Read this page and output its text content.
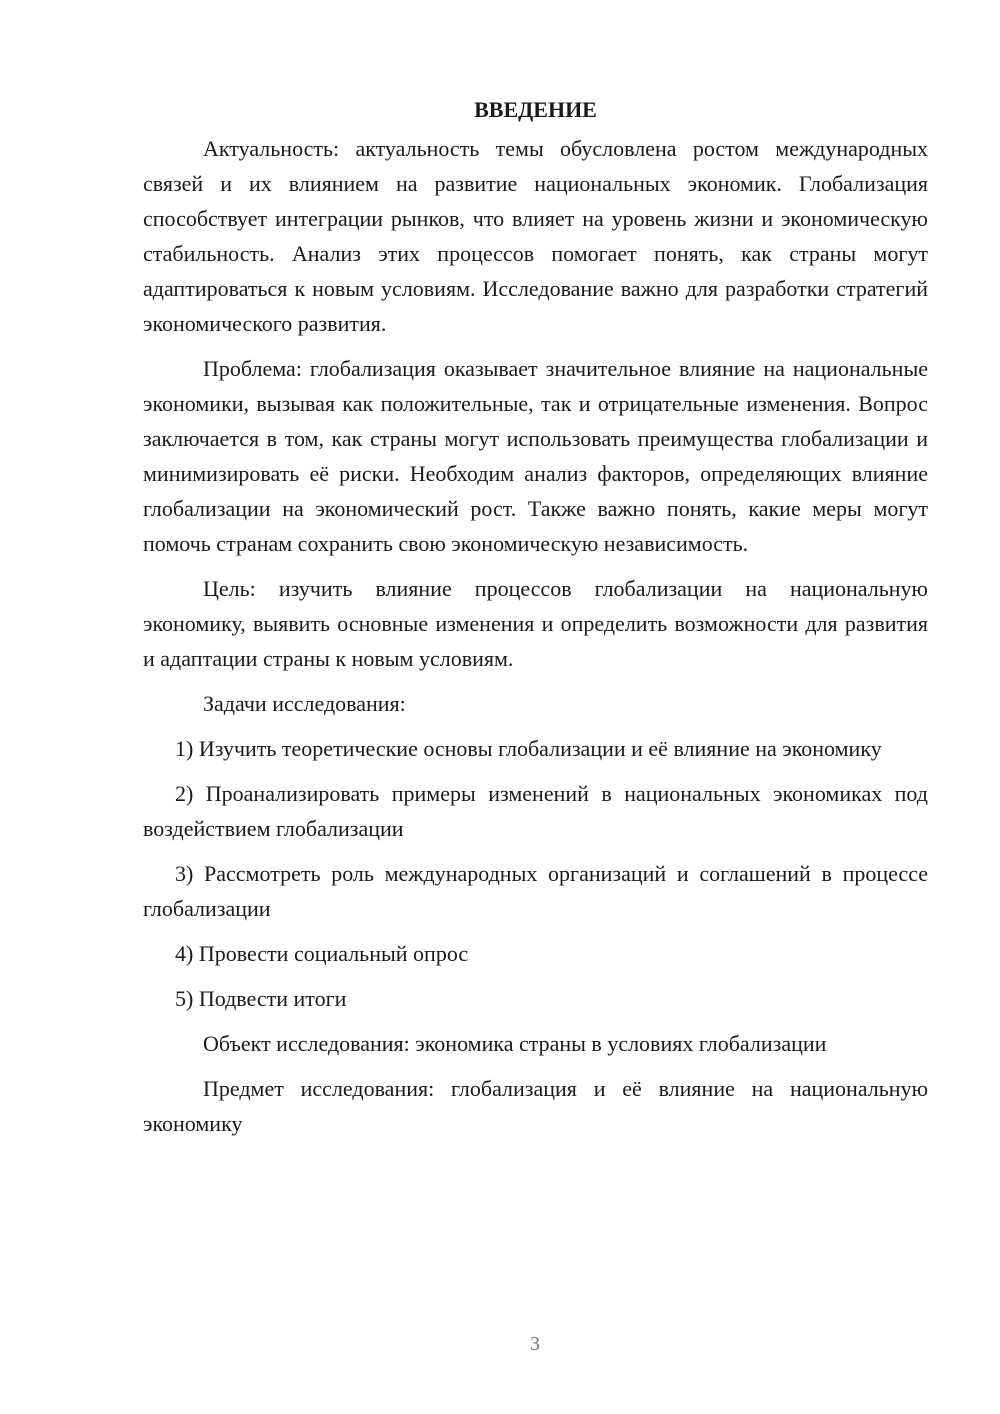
ВВЕДЕНИЕ

Актуальность: актуальность темы обусловлена ростом международных связей и их влиянием на развитие национальных экономик. Глобализация способствует интеграции рынков, что влияет на уровень жизни и экономическую стабильность. Анализ этих процессов помогает понять, как страны могут адаптироваться к новым условиям. Исследование важно для разработки стратегий экономического развития.

Проблема: глобализация оказывает значительное влияние на национальные экономики, вызывая как положительные, так и отрицательные изменения. Вопрос заключается в том, как страны могут использовать преимущества глобализации и минимизировать её риски. Необходим анализ факторов, определяющих влияние глобализации на экономический рост. Также важно понять, какие меры могут помочь странам сохранить свою экономическую независимость.

Цель: изучить влияние процессов глобализации на национальную экономику, выявить основные изменения и определить возможности для развития и адаптации страны к новым условиям.

Задачи исследования:

1) Изучить теоретические основы глобализации и её влияние на экономику

2) Проанализировать примеры изменений в национальных экономиках под воздействием глобализации

3) Рассмотреть роль международных организаций и соглашений в процессе глобализации

4) Провести социальный опрос

5) Подвести итоги

Объект исследования: экономика страны в условиях глобализации

Предмет исследования: глобализация и её влияние на национальную экономику

3
